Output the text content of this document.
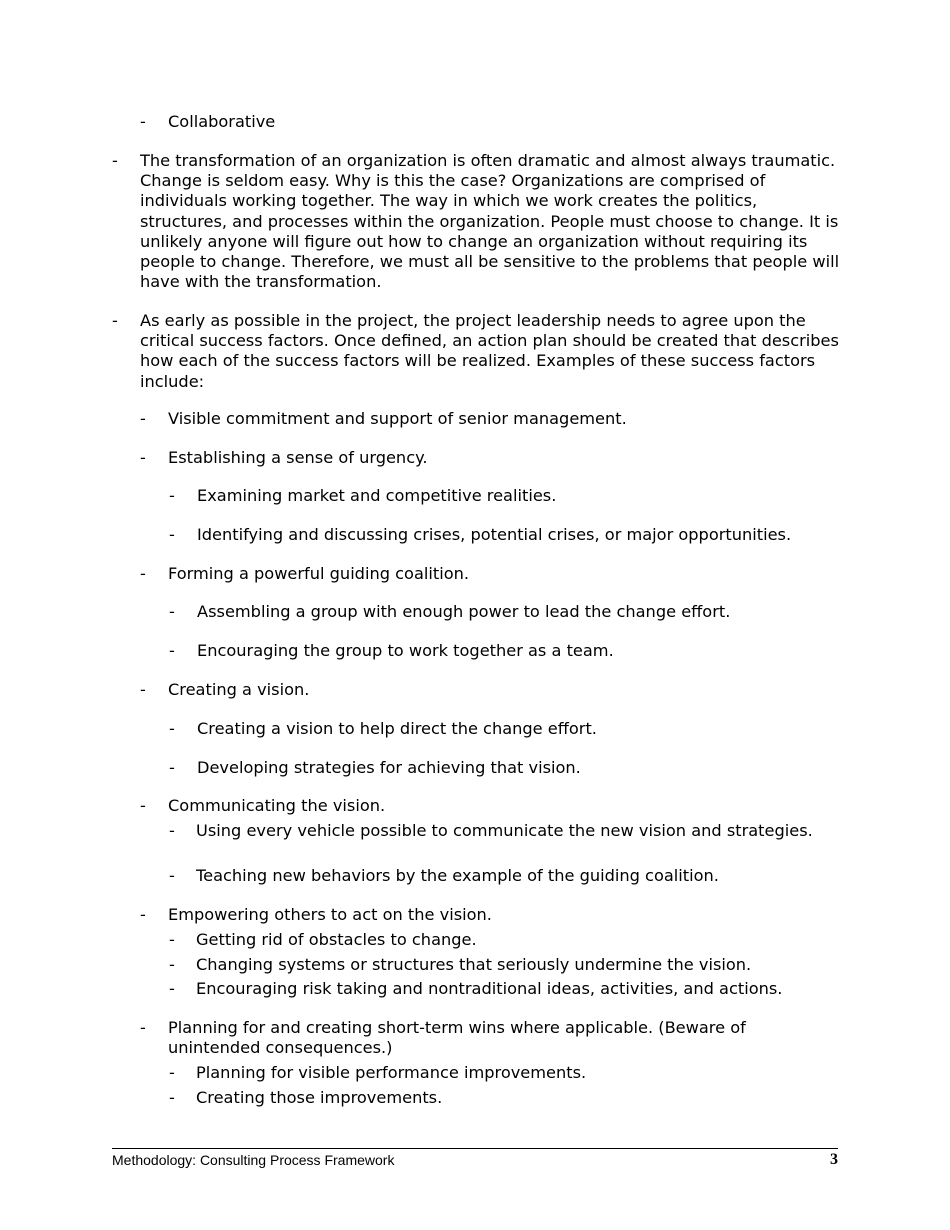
- Collaborative

- The transformation of an organization is often dramatic and almost always traumatic. Change is seldom easy. Why is this the case? Organizations are comprised of individuals working together. The way in which we work creates the politics, structures, and processes within the organization. People must choose to change. It is unlikely anyone will figure out how to change an organization without requiring its people to change. Therefore, we must all be sensitive to the problems that people will have with the transformation.

- As early as possible in the project, the project leadership needs to agree upon the critical success factors. Once defined, an action plan should be created that describes how each of the success factors will be realized. Examples of these success factors include:

- Visible commitment and support of senior management.

- Establishing a sense of urgency.

- Examining market and competitive realities.

- Identifying and discussing crises, potential crises, or major opportunities.

- Forming a powerful guiding coalition.

- Assembling a group with enough power to lead the change effort.

- Encouraging the group to work together as a team.

- Creating a vision.

- Creating a vision to help direct the change effort.

- Developing strategies for achieving that vision.

- Communicating the vision.

- Using every vehicle possible to communicate the new vision and strategies.

- Teaching new behaviors by the example of the guiding coalition.

- Empowering others to act on the vision.

- Getting rid of obstacles to change.

- Changing systems or structures that seriously undermine the vision.

- Encouraging risk taking and nontraditional ideas, activities, and actions.

- Planning for and creating short-term wins where applicable. (Beware of unintended consequences.)

- Planning for visible performance improvements.

- Creating those improvements.

Methodology: Consulting Process Framework	3
